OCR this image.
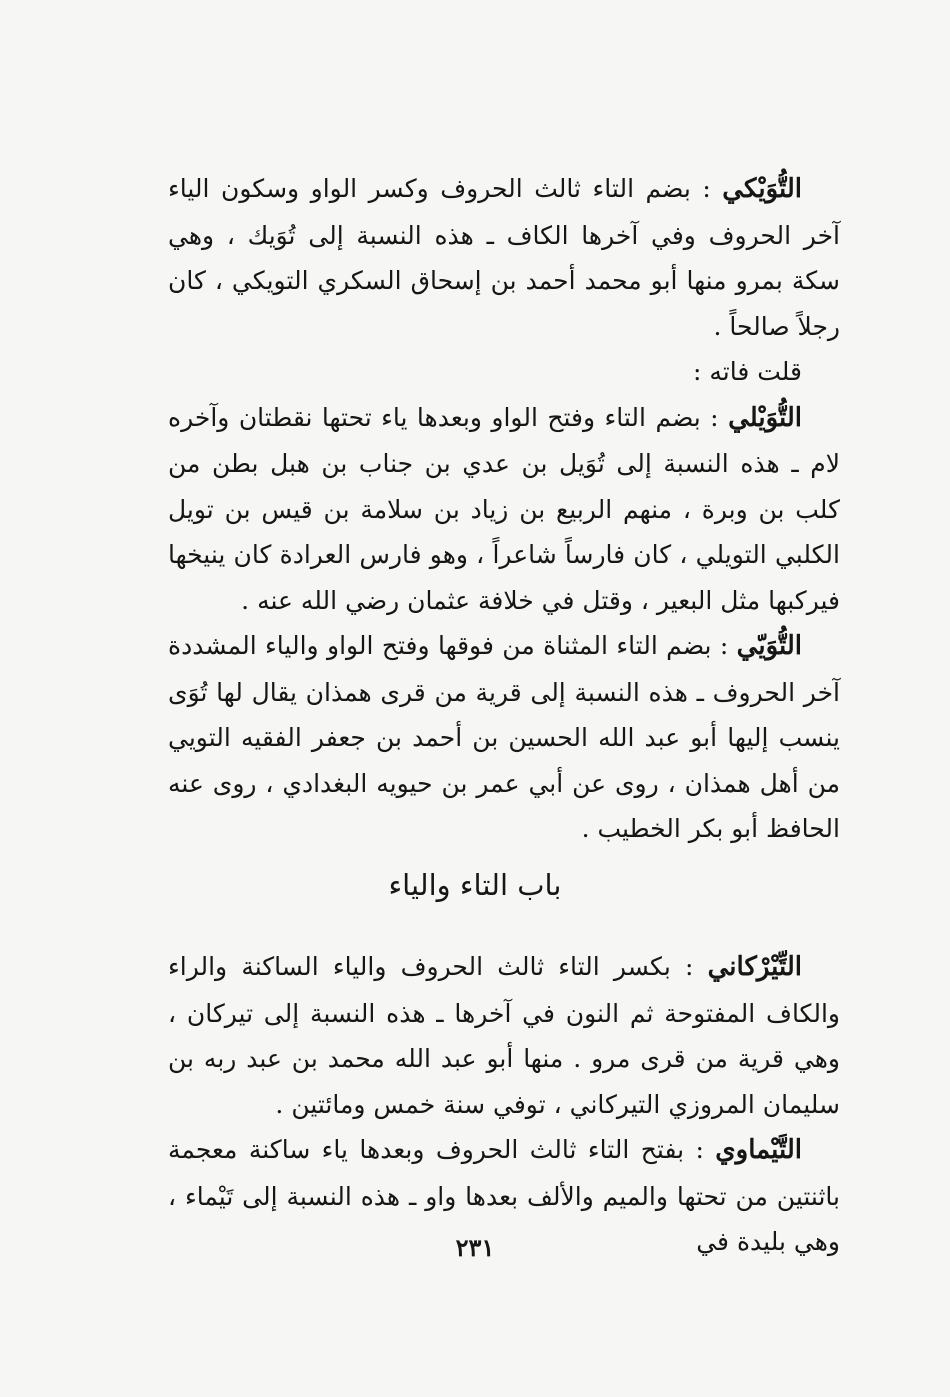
التُّوَيْكي : بضم التاء ثالث الحروف وكسر الواو وسكون الياء آخر الحروف وفي آخرها الكاف ـ هذه النسبة إلى تُوَيك ، وهي سكة بمرو منها أبو محمد أحمد بن إسحاق السكري التويكي ، كان رجلاً صالحاً .

قلت فاته :

التُّوَيْلي : بضم التاء وفتح الواو وبعدها ياء تحتها نقطتان وآخره لام ـ هذه النسبة إلى تُوَيل بن عدي بن جناب بن هبل بطن من كلب بن وبرة ، منهم الربيع بن زياد بن سلامة بن قيس بن تويل الكلبي التويلي ، كان فارساً شاعراً ، وهو فارس العرادة كان ينيخها فيركبها مثل البعير ، وقتل في خلافة عثمان رضي الله عنه .

التُّوَيّي : بضم التاء المثناة من فوقها وفتح الواو والياء المشددة آخر الحروف ـ هذه النسبة إلى قرية من قرى همذان يقال لها تُوَى ينسب إليها أبو عبد الله الحسين بن أحمد بن جعفر الفقيه التويي من أهل همذان ، روى عن أبي عمر بن حيويه البغدادي ، روى عنه الحافظ أبو بكر الخطيب .

باب التاء والياء

التِّيْرْكاني : بكسر التاء ثالث الحروف والياء الساكنة والراء والكاف المفتوحة ثم النون في آخرها ـ هذه النسبة إلى تيركان ، وهي قرية من قرى مرو . منها أبو عبد الله محمد بن عبد ربه بن سليمان المروزي التيركاني ، توفي سنة خمس ومائتين .

التَّيْماوي : بفتح التاء ثالث الحروف وبعدها ياء ساكنة معجمة باثنتين من تحتها والميم والألف بعدها واو ـ هذه النسبة إلى تَيْماء ، وهي بليدة في

٢٣١
